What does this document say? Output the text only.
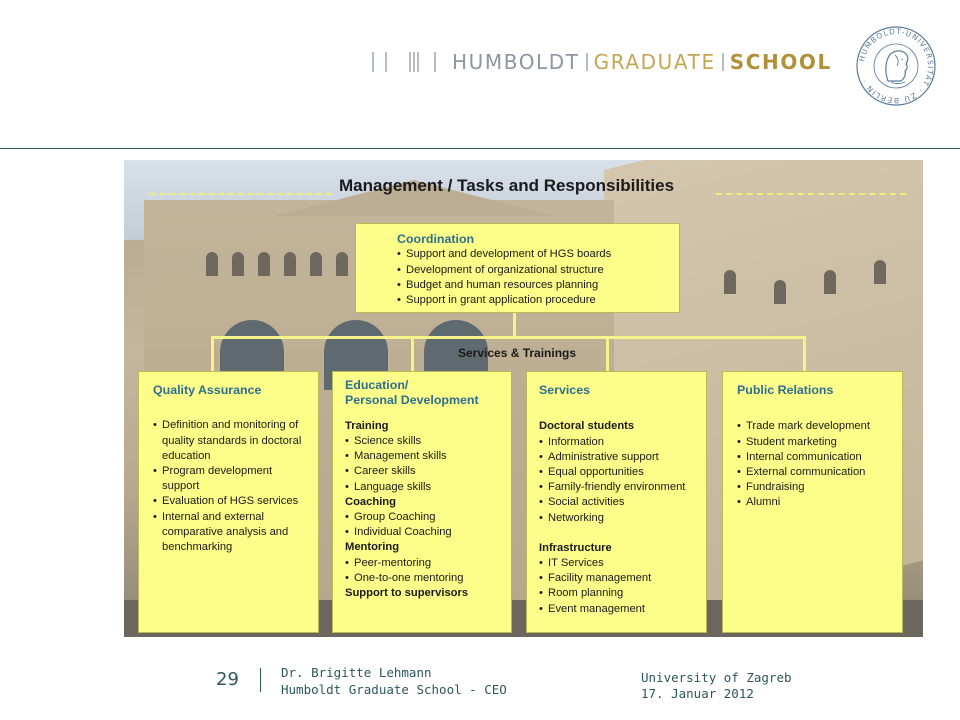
HUMBOLDT GRADUATE SCHOOL	HUMBOLDT-UNIVERSITÄT · ZU BERLIN ·
Management / Tasks and Responsibilities
Services & Trainings
Coordination
• Support and development of HGS boards
• Development of organizational structure
• Budget and human resources planning
• Support in grant application procedure
Quality Assurance
• Definition and monitoring of quality standards in doctoral education
• Program development support
• Evaluation of HGS services
• Internal and external comparative analysis and benchmarking
Education/
Personal Development
Training
• Science skills
• Management skills
• Career skills
• Language skills
Coaching
• Group Coaching
• Individual Coaching
Mentoring
• Peer-mentoring
• One-to-one mentoring
Support to supervisors
Services
Doctoral students
• Information
• Administrative support
• Equal opportunities
• Family-friendly environment
• Social activities
• Networking
Infrastructure
• IT Services
• Facility management
• Room planning
• Event management
Public Relations
• Trade mark development
• Student marketing
• Internal communication
• External communication
• Fundraising
• Alumni
29	Dr. Brigitte Lehmann
Humboldt Graduate School - CEO
University of Zagreb
17. Januar 2012
